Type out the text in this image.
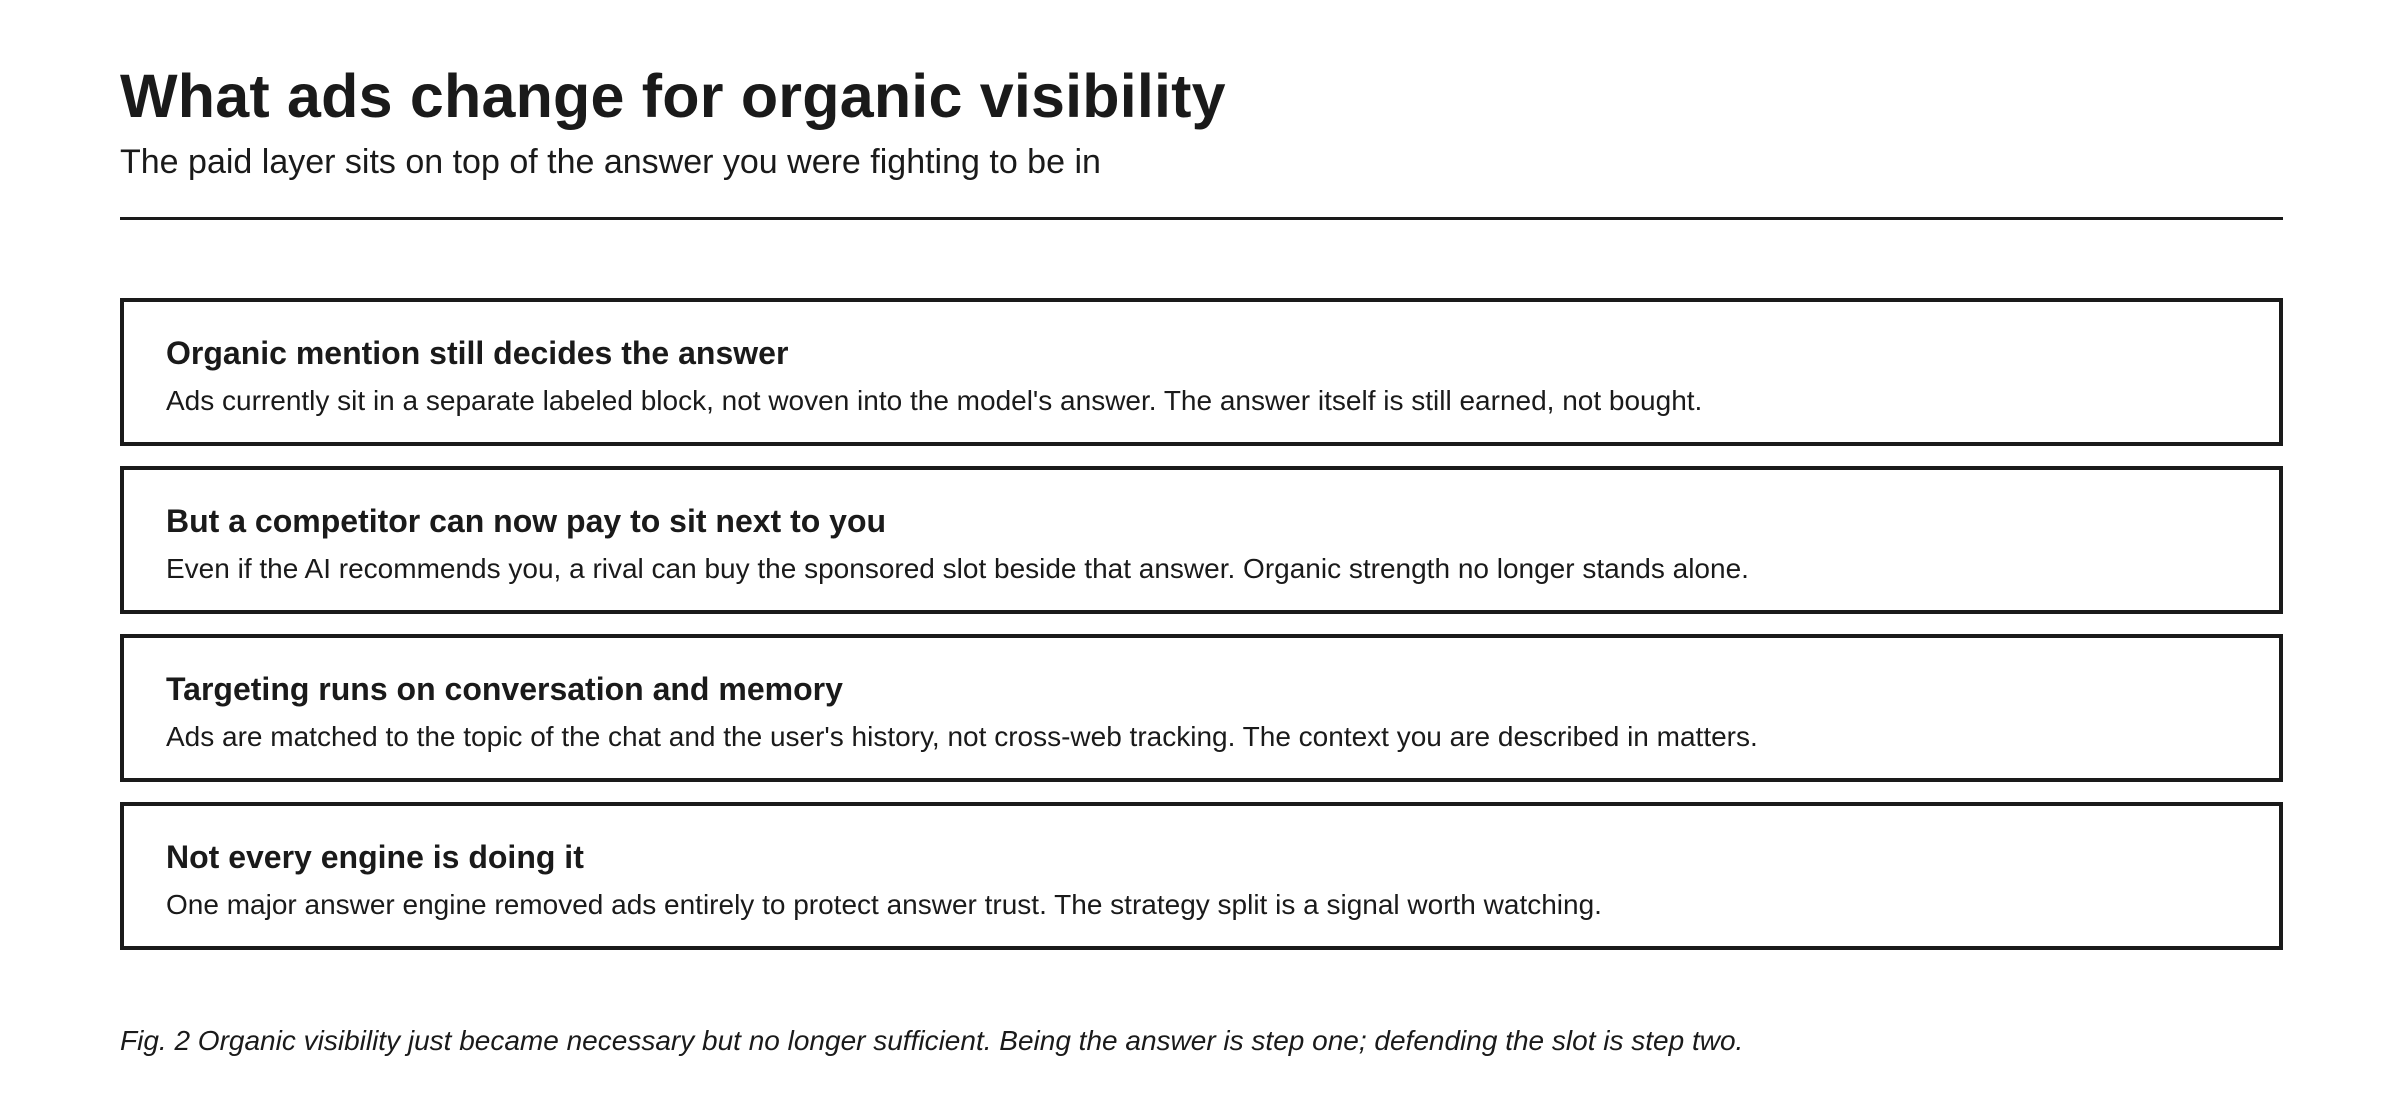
What ads change for organic visibility

The paid layer sits on top of the answer you were fighting to be in

Organic mention still decides the answer

Ads currently sit in a separate labeled block, not woven into the model's answer. The answer itself is still earned, not bought.

But a competitor can now pay to sit next to you

Even if the AI recommends you, a rival can buy the sponsored slot beside that answer. Organic strength no longer stands alone.

Targeting runs on conversation and memory

Ads are matched to the topic of the chat and the user's history, not cross-web tracking. The context you are described in matters.

Not every engine is doing it

One major answer engine removed ads entirely to protect answer trust. The strategy split is a signal worth watching.

Fig. 2 Organic visibility just became necessary but no longer sufficient. Being the answer is step one; defending the slot is step two.
